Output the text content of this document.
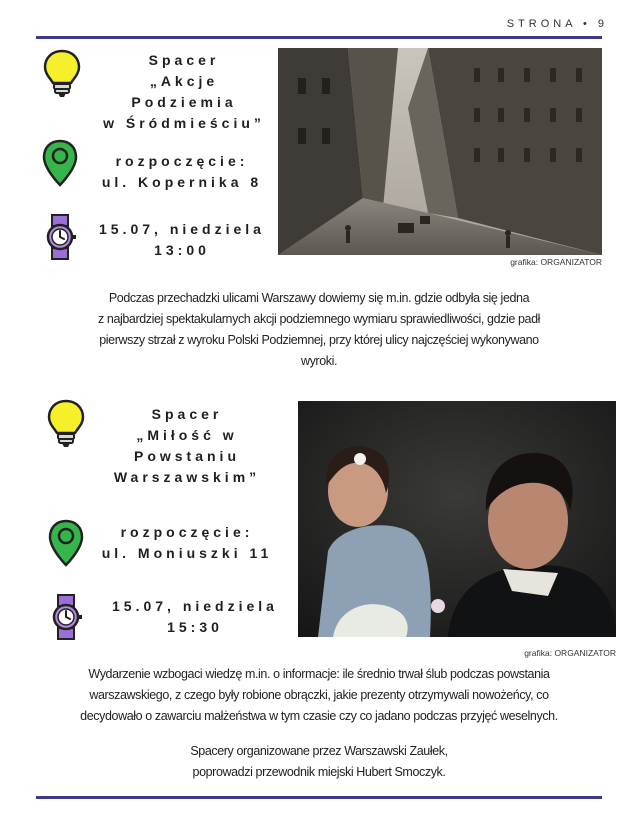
STRONA • 9
Spacer
„Akcje
Podziemia
w Śródmieściu”
rozpoczęcie:
ul. Kopernika 8
15.07, niedziela
13:00
grafika: ORGANIZATOR
Podczas przechadzki ulicami Warszawy dowiemy się m.in. gdzie odbyła się jedna
z najbardziej spektakularnych akcji podziemnego wymiaru sprawiedliwości, gdzie padł
pierwszy strzał z wyroku Polski Podziemnej, przy której ulicy najczęściej wykonywano
wyroki.
Spacer
„Miłość w
Powstaniu
Warszawskim”
rozpoczęcie:
ul. Moniuszki 11
15.07, niedziela
15:30
grafika: ORGANIZATOR
Wydarzenie wzbogaci wiedzę m.in. o informacje: ile średnio trwał ślub podczas powstania
warszawskiego, z czego były robione obrączki, jakie prezenty otrzymywali nowożeńcy, co
decydowało o zawarciu małżeństwa w tym czasie czy co jadano podczas przyjęć weselnych.
Spacery organizowane przez Warszawski Zaułek,
poprowadzi przewodnik miejski Hubert Smoczyk.
